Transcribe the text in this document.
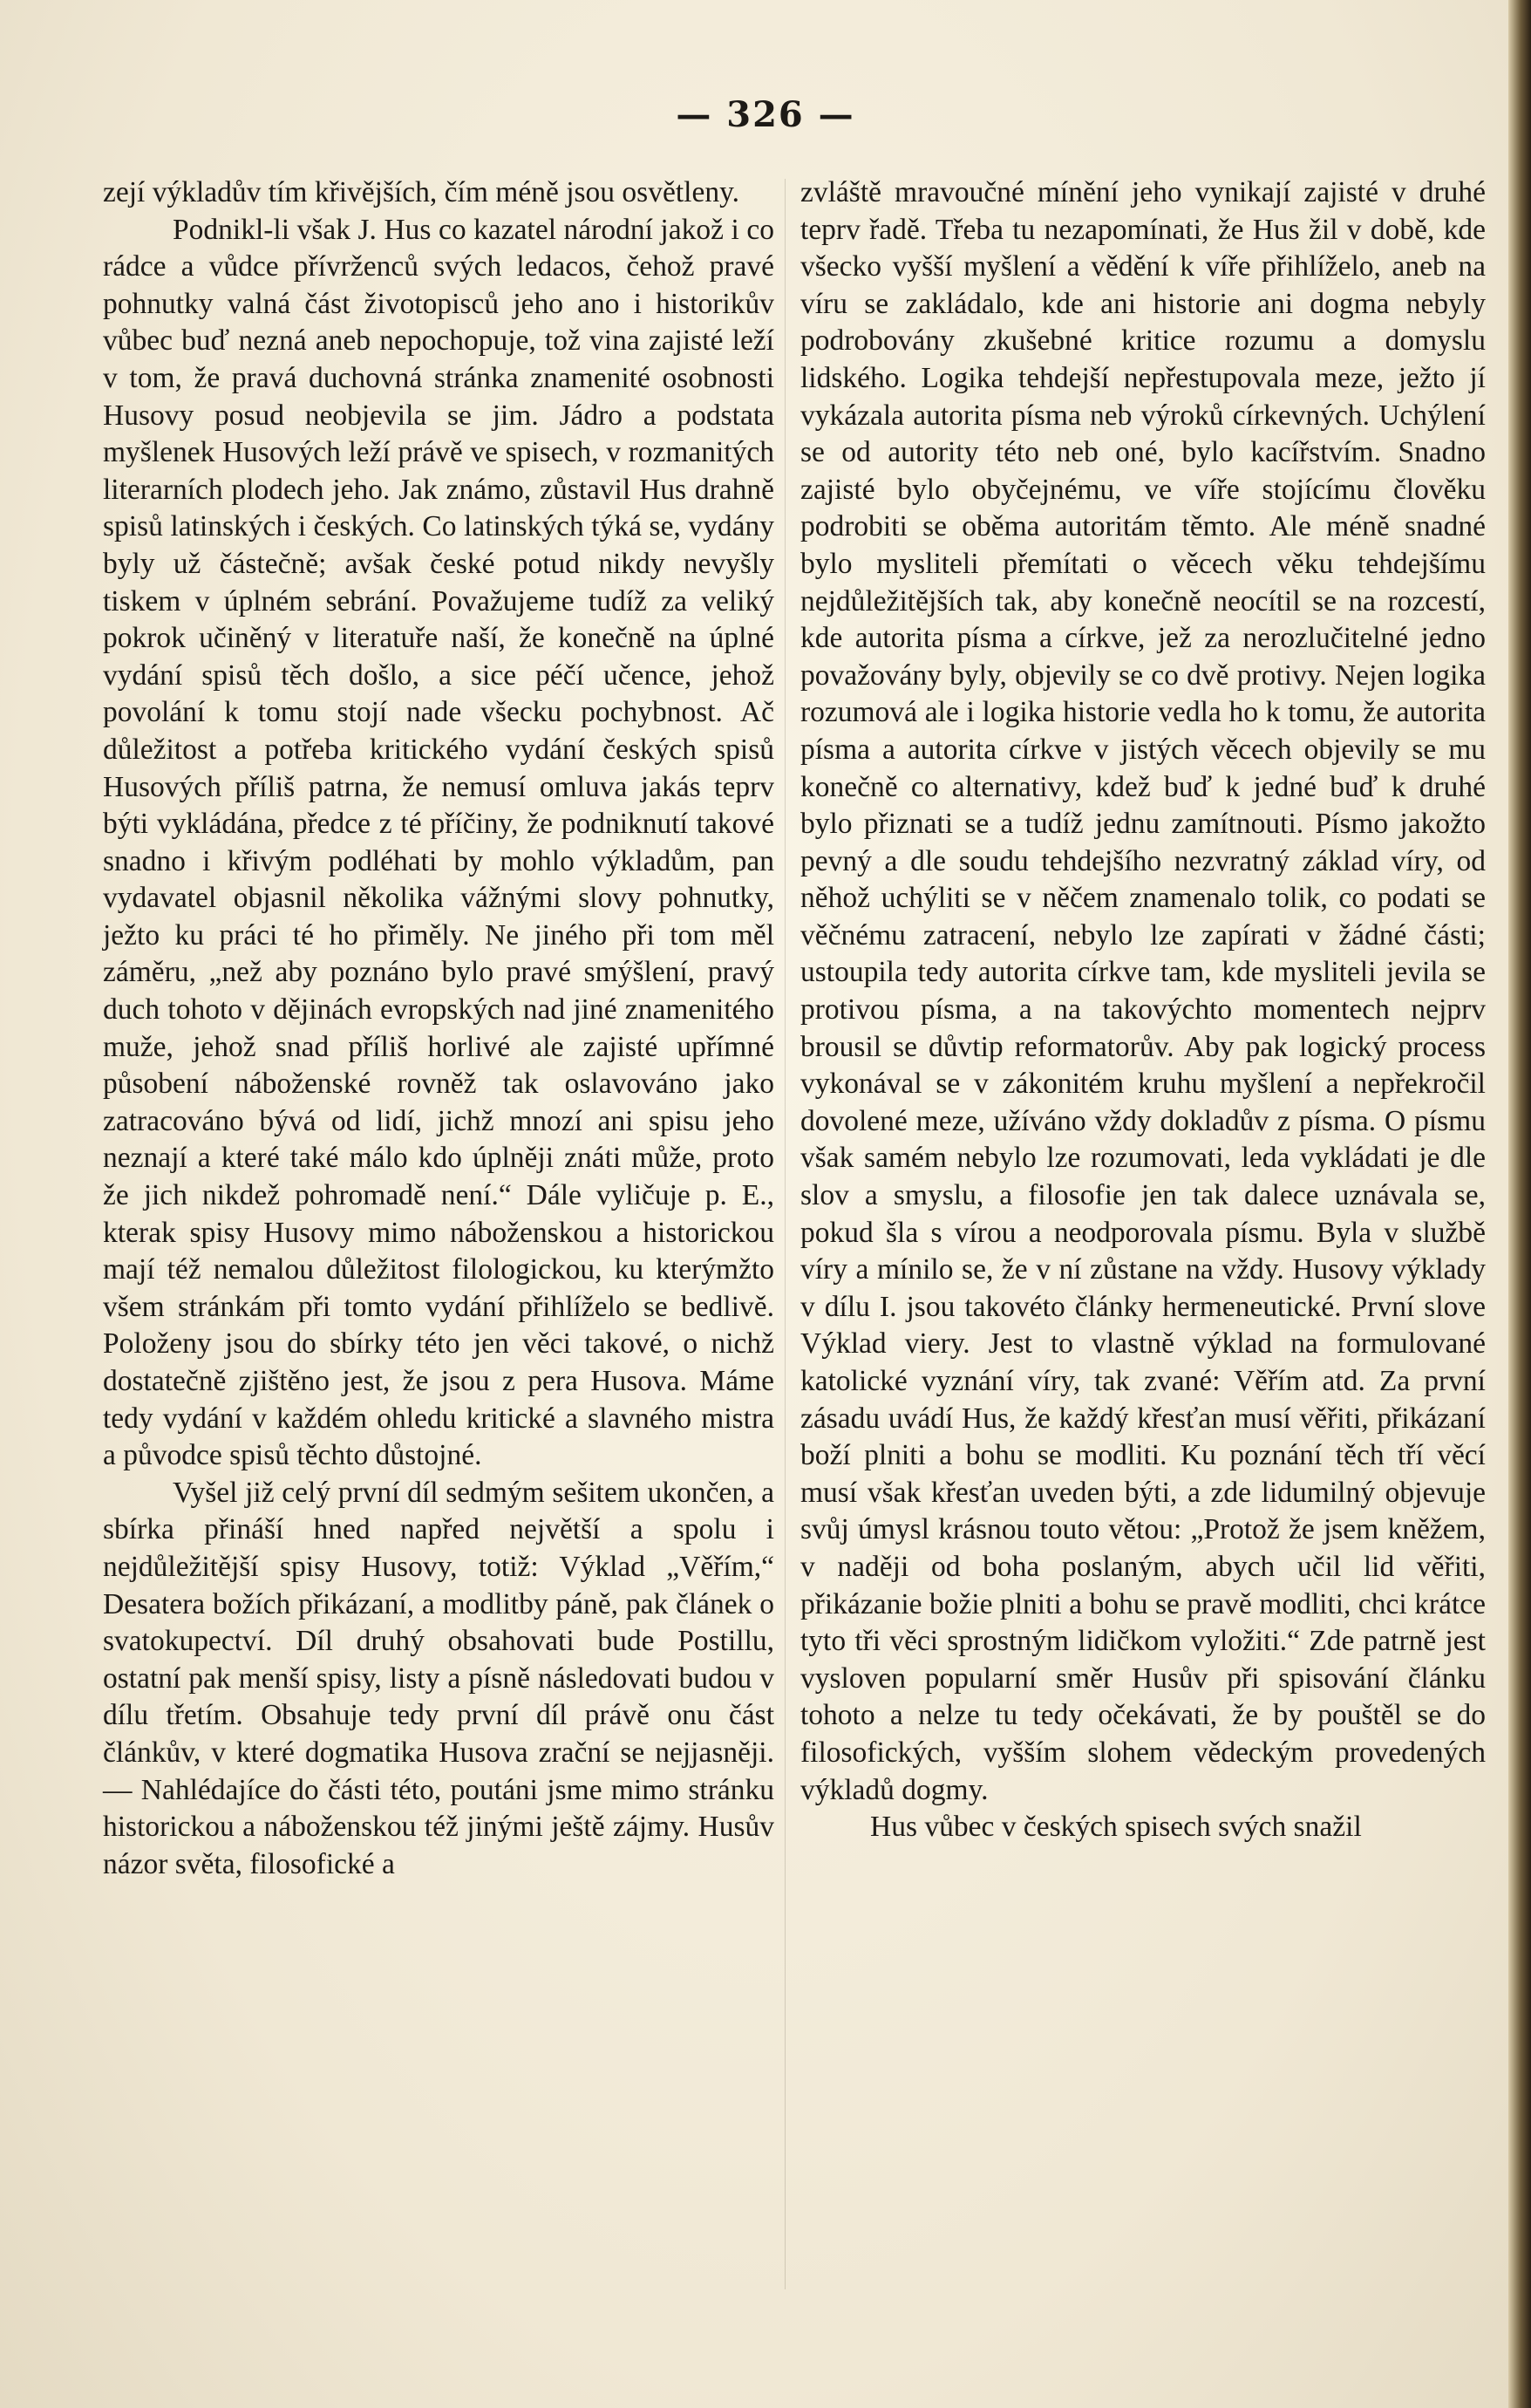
— 326 —

zejí výkladův tím křivějších, čím méně jsou osvětleny.

Podnikl-li však J. Hus co kazatel národní jakož i co rádce a vůdce přívrženců svých ledacos, čehož pravé pohnutky valná část životopisců jeho ano i historikův vůbec buď nezná aneb nepochopuje, tož vina zajisté leží v tom, že pravá duchovná stránka znamenité osobnosti Husovy posud neobjevila se jim. Jádro a podstata myšlenek Husových leží právě ve spisech, v rozmanitých literarních plodech jeho. Jak známo, zůstavil Hus drahně spisů latinských i českých. Co latinských týká se, vydány byly už částečně; avšak české potud nikdy nevyšly tiskem v úplném sebrání. Považujeme tudíž za veliký pokrok učiněný v literatuře naší, že konečně na úplné vydání spisů těch došlo, a sice péčí učence, jehož povolání k tomu stojí nade všecku pochybnost. Ač důležitost a potřeba kritického vydání českých spisů Husových příliš patrna, že nemusí omluva jakás teprv býti vykládána, předce z té příčiny, že podniknutí takové snadno i křivým podléhati by mohlo výkladům, pan vydavatel objasnil několika vážnými slovy pohnutky, ježto ku práci té ho přiměly. Ne jiného při tom měl záměru, „než aby poznáno bylo pravé smýšlení, pravý duch tohoto v dějinách evropských nad jiné znamenitého muže, jehož snad příliš horlivé ale zajisté upřímné působení náboženské rovněž tak oslavováno jako zatracováno bývá od lidí, jichž mnozí ani spisu jeho neznají a které také málo kdo úplněji znáti může, proto že jich nikdež pohromadě není.“ Dále vyličuje p. E., kterak spisy Husovy mimo náboženskou a historickou mají též nemalou důležitost filologickou, ku kterýmžto všem stránkám při tomto vydání přihlíželo se bedlivě. Položeny jsou do sbírky této jen věci takové, o nichž dostatečně zjištěno jest, že jsou z pera Husova. Máme tedy vydání v každém ohledu kritické a slavného mistra a původce spisů těchto důstojné.

Vyšel již celý první díl sedmým sešitem ukončen, a sbírka přináší hned napřed největší a spolu i nejdůležitější spisy Husovy, totiž: Výklad „Věřím,“ Desatera božích přikázaní, a modlitby páně, pak článek o svatokupectví. Díl druhý obsahovati bude Postillu, ostatní pak menší spisy, listy a písně následovati budou v dílu třetím. Obsahuje tedy první díl právě onu část článkův, v které dogmatika Husova zrační se nejjasněji. — Nahlédajíce do části této, poutáni jsme mimo stránku historickou a náboženskou též jinými ještě zájmy. Husův názor světa, filosofické a

zvláště mravoučné mínění jeho vynikají zajisté v druhé teprv řadě. Třeba tu nezapomínati, že Hus žil v době, kde všecko vyšší myšlení a vědění k víře přihlíželo, aneb na víru se zakládalo, kde ani historie ani dogma nebyly podrobovány zkušebné kritice rozumu a domyslu lidského. Logika tehdejší nepřestupovala meze, ježto jí vykázala autorita písma neb výroků církevných. Uchýlení se od autority této neb oné, bylo kacířstvím. Snadno zajisté bylo obyčejnému, ve víře stojícímu člověku podrobiti se oběma autoritám těmto. Ale méně snadné bylo mysliteli přemítati o věcech věku tehdejšímu nejdůležitějších tak, aby konečně neocítil se na rozcestí, kde autorita písma a církve, jež za nerozlučitelné jedno považovány byly, objevily se co dvě protivy. Nejen logika rozumová ale i logika historie vedla ho k tomu, že autorita písma a autorita církve v jistých věcech objevily se mu konečně co alternativy, kdež buď k jedné buď k druhé bylo přiznati se a tudíž jednu zamítnouti. Písmo jakožto pevný a dle soudu tehdejšího nezvratný základ víry, od něhož uchýliti se v něčem znamenalo tolik, co podati se věčnému zatracení, nebylo lze zapírati v žádné části; ustoupila tedy autorita církve tam, kde mysliteli jevila se protivou písma, a na takovýchto momentech nejprv brousil se důvtip reformatorův. Aby pak logický process vykonával se v zákonitém kruhu myšlení a nepřekročil dovolené meze, užíváno vždy dokladův z písma. O písmu však samém nebylo lze rozumovati, leda vykládati je dle slov a smyslu, a filosofie jen tak dalece uznávala se, pokud šla s vírou a neodporovala písmu. Byla v službě víry a mínilo se, že v ní zůstane na vždy. Husovy výklady v dílu I. jsou takovéto články hermeneutické. První slove Výklad viery. Jest to vlastně výklad na formulované katolické vyznání víry, tak zvané: Věřím atd. Za první zásadu uvádí Hus, že každý křesťan musí věřiti, přikázaní boží plniti a bohu se modliti. Ku poznání těch tří věcí musí však křesťan uveden býti, a zde lidumilný objevuje svůj úmysl krásnou touto větou: „Protož že jsem kněžem, v naději od boha poslaným, abych učil lid věřiti, přikázanie božie plniti a bohu se pravě modliti, chci krátce tyto tři věci sprostným lidičkom vyložiti.“ Zde patrně jest vysloven popularní směr Husův při spisování článku tohoto a nelze tu tedy očekávati, že by pouštěl se do filosofických, vyšším slohem vědeckým provedených výkladů dogmy.

Hus vůbec v českých spisech svých snažil
